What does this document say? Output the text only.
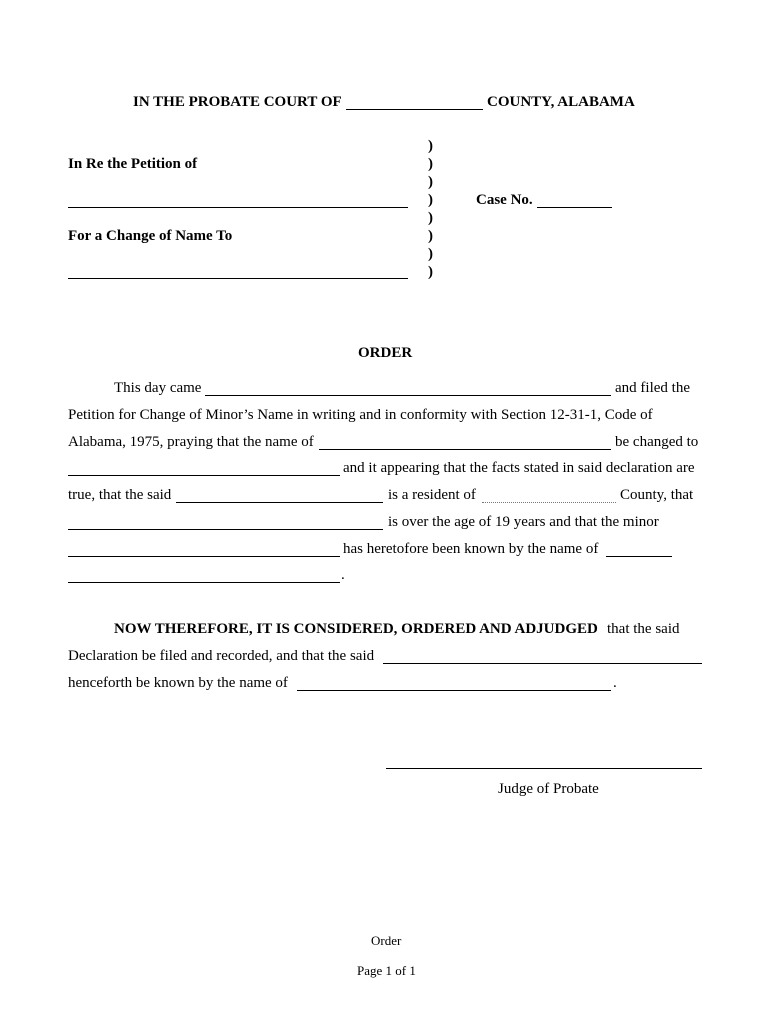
IN THE PROBATE COURT OF	COUNTY, ALABAMA
In Re the Petition of
For a Change of Name To
)
)
)
)
)
)
)
)
Case No.
ORDER
This day came	and filed the
Petition for Change of Minor’s Name in writing and in conformity with Section 12-31-1, Code of
Alabama, 1975, praying that the name of	be changed to
and it appearing that the facts stated in said declaration are
true, that the said	is a resident of	County, that
is over the age of 19 years and that the minor
has heretofore been known by the name of
.
NOW THEREFORE, IT IS CONSIDERED, ORDERED AND ADJUDGED that the said
Declaration be filed and recorded, and that the said
henceforth be known by the name of	.
Judge of Probate
Order
Page 1 of 1
